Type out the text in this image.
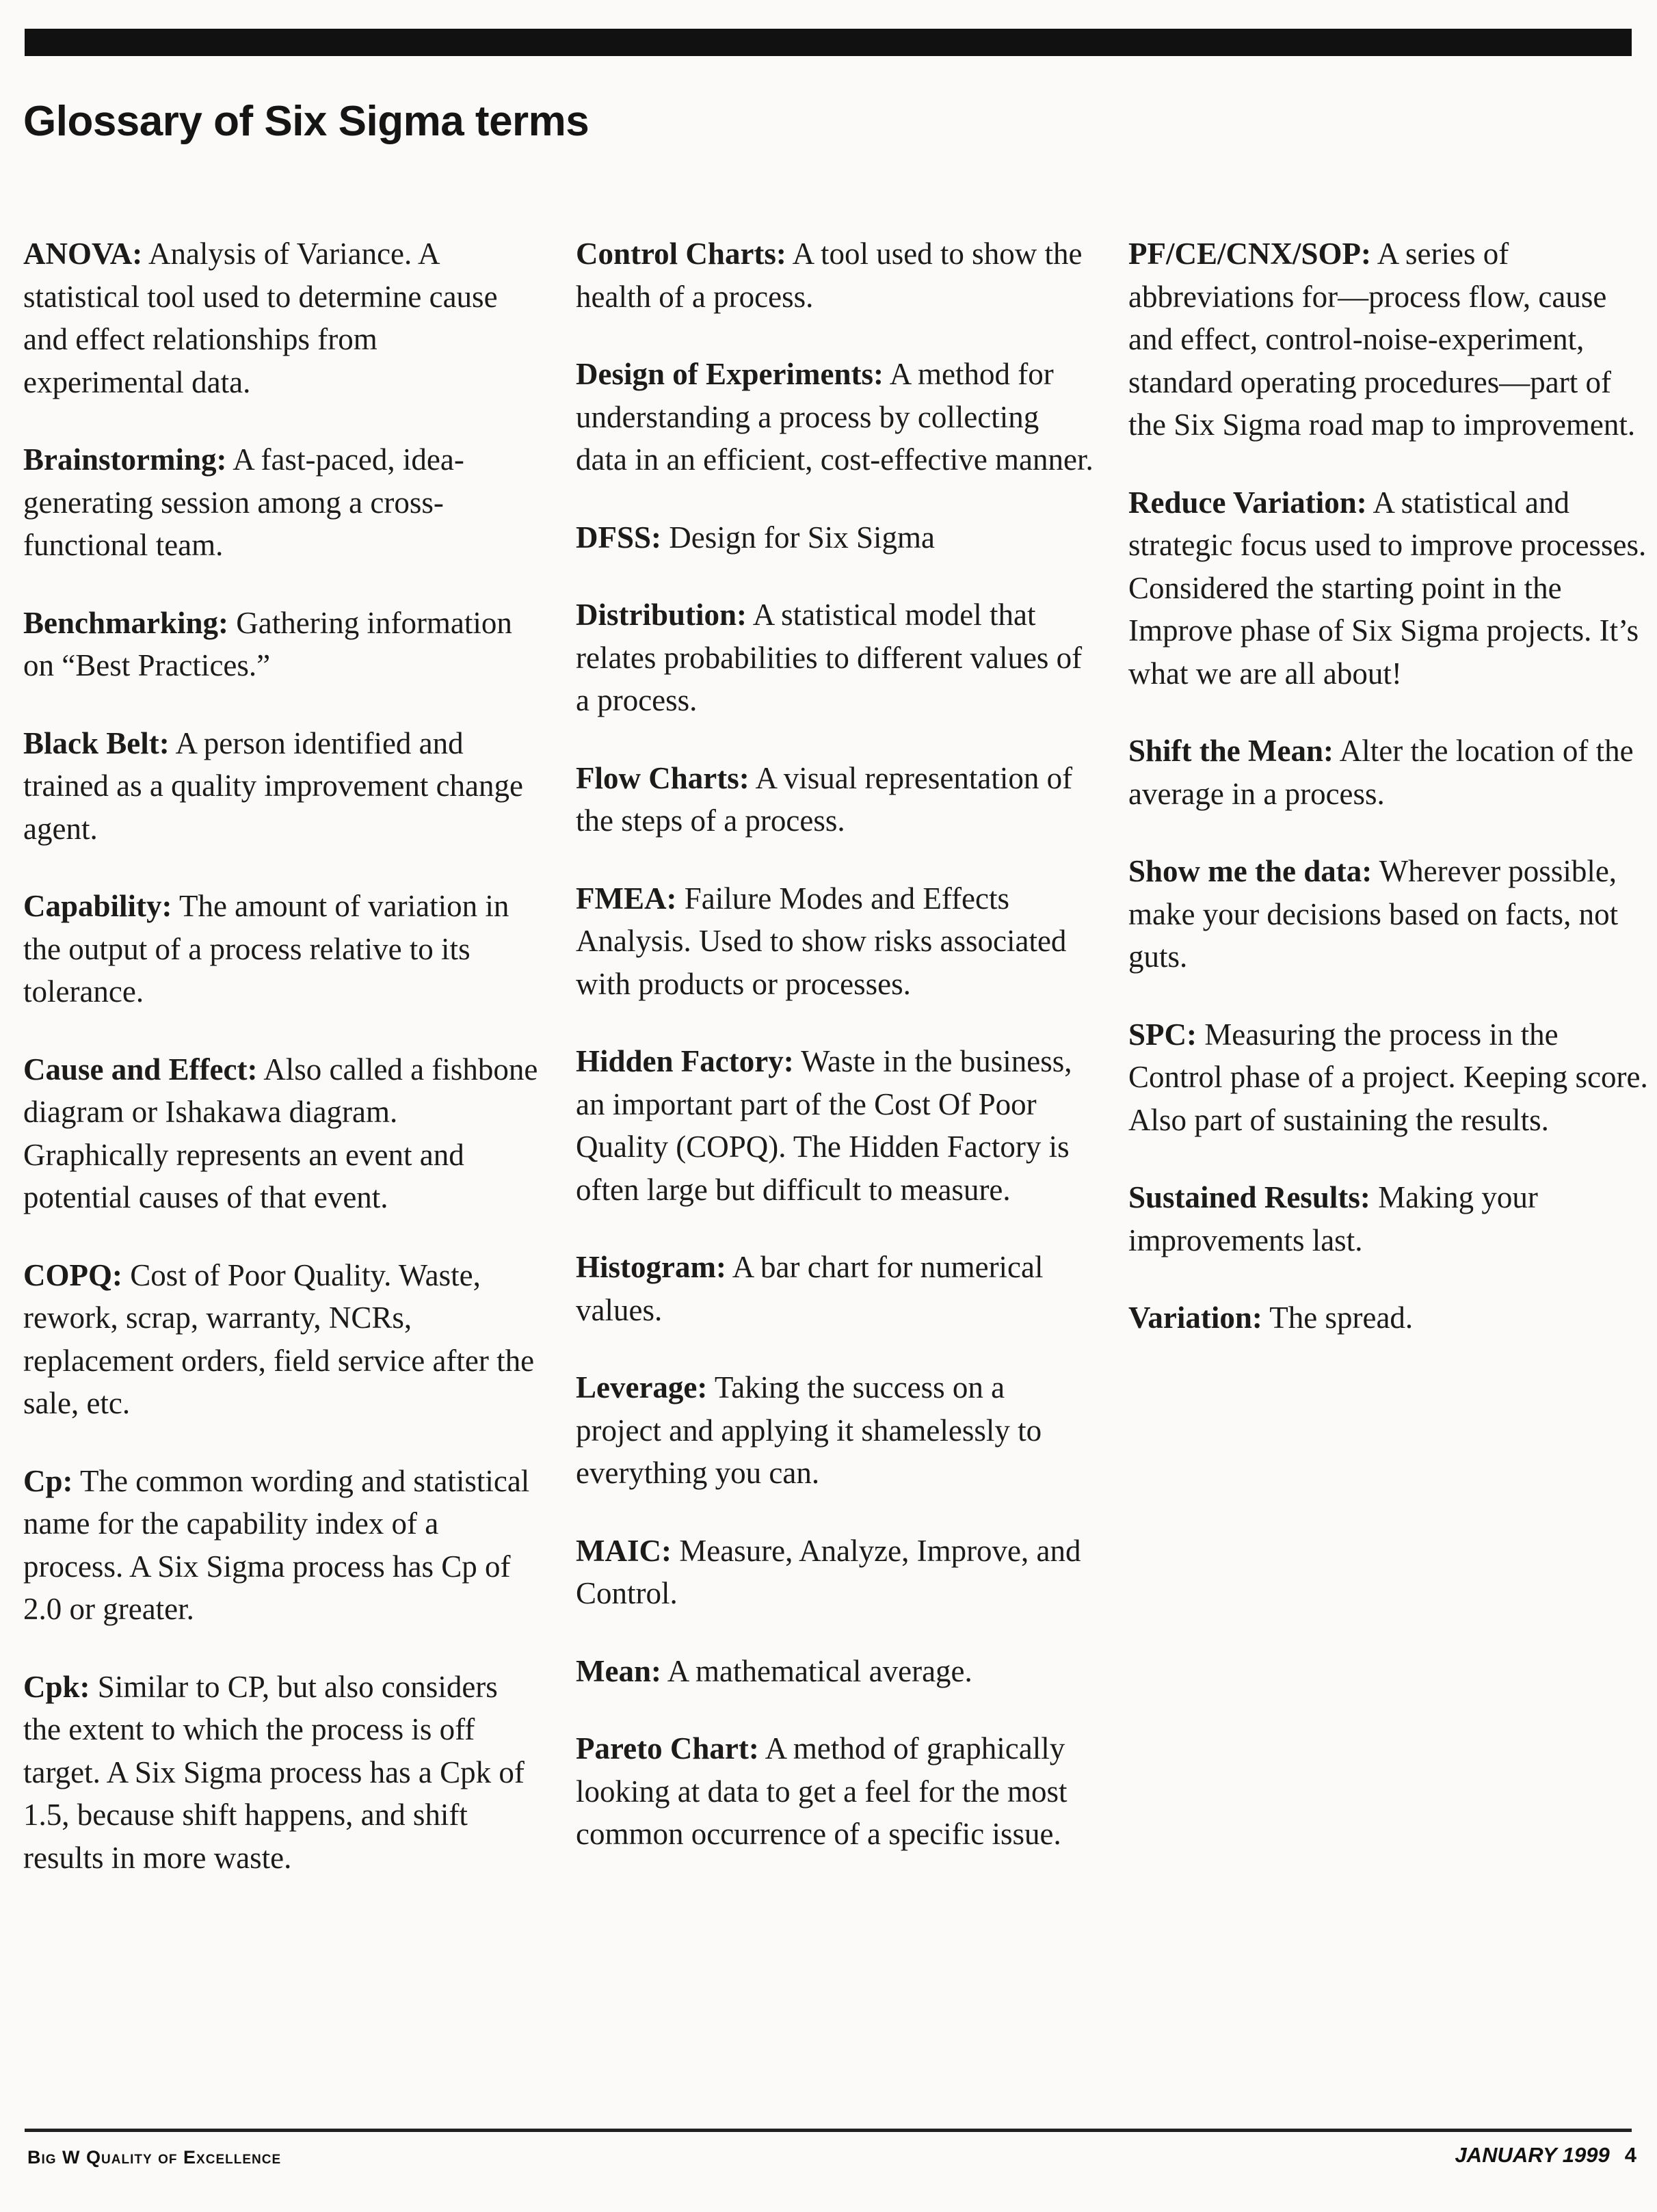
Glossary of Six Sigma terms

ANOVA: Analysis of Variance. A statistical tool used to determine cause and effect relationships from experimental data.

Brainstorming: A fast-paced, idea-generating session among a cross-functional team.

Benchmarking: Gathering information on “Best Practices.”

Black Belt: A person identified and trained as a quality improvement change agent.

Capability: The amount of variation in the output of a process relative to its tolerance.

Cause and Effect: Also called a fishbone diagram or Ishakawa diagram. Graphically represents an event and potential causes of that event.

COPQ: Cost of Poor Quality. Waste, rework, scrap, warranty, NCRs, replacement orders, field service after the sale, etc.

Cp: The common wording and statistical name for the capability index of a process. A Six Sigma process has Cp of 2.0 or greater.

Cpk: Similar to CP, but also considers the extent to which the process is off target. A Six Sigma process has a Cpk of 1.5, because shift happens, and shift results in more waste.

Control Charts: A tool used to show the health of a process.

Design of Experiments: A method for understanding a process by collecting data in an efficient, cost-effective manner.

DFSS: Design for Six Sigma

Distribution: A statistical model that relates probabilities to different values of a process.

Flow Charts: A visual representation of the steps of a process.

FMEA: Failure Modes and Effects Analysis. Used to show risks associated with products or processes.

Hidden Factory: Waste in the business, an important part of the Cost Of Poor Quality (COPQ). The Hidden Factory is often large but difficult to measure.

Histogram: A bar chart for numerical values.

Leverage: Taking the success on a project and applying it shamelessly to everything you can.

MAIC: Measure, Analyze, Improve, and Control.

Mean: A mathematical average.

Pareto Chart: A method of graphically looking at data to get a feel for the most common occurrence of a specific issue.

PF/CE/CNX/SOP: A series of abbreviations for—process flow, cause and effect, control-noise-experiment, standard operating procedures—part of the Six Sigma road map to improvement.

Reduce Variation: A statistical and strategic focus used to improve processes. Considered the starting point in the Improve phase of Six Sigma projects. It’s what we are all about!

Shift the Mean: Alter the location of the average in a process.

Show me the data: Wherever possible, make your decisions based on facts, not guts.

SPC: Measuring the process in the Control phase of a project. Keeping score. Also part of sustaining the results.

Sustained Results: Making your improvements last.

Variation: The spread.

Big W Quality of Excellence	JANUARY 1999 4
